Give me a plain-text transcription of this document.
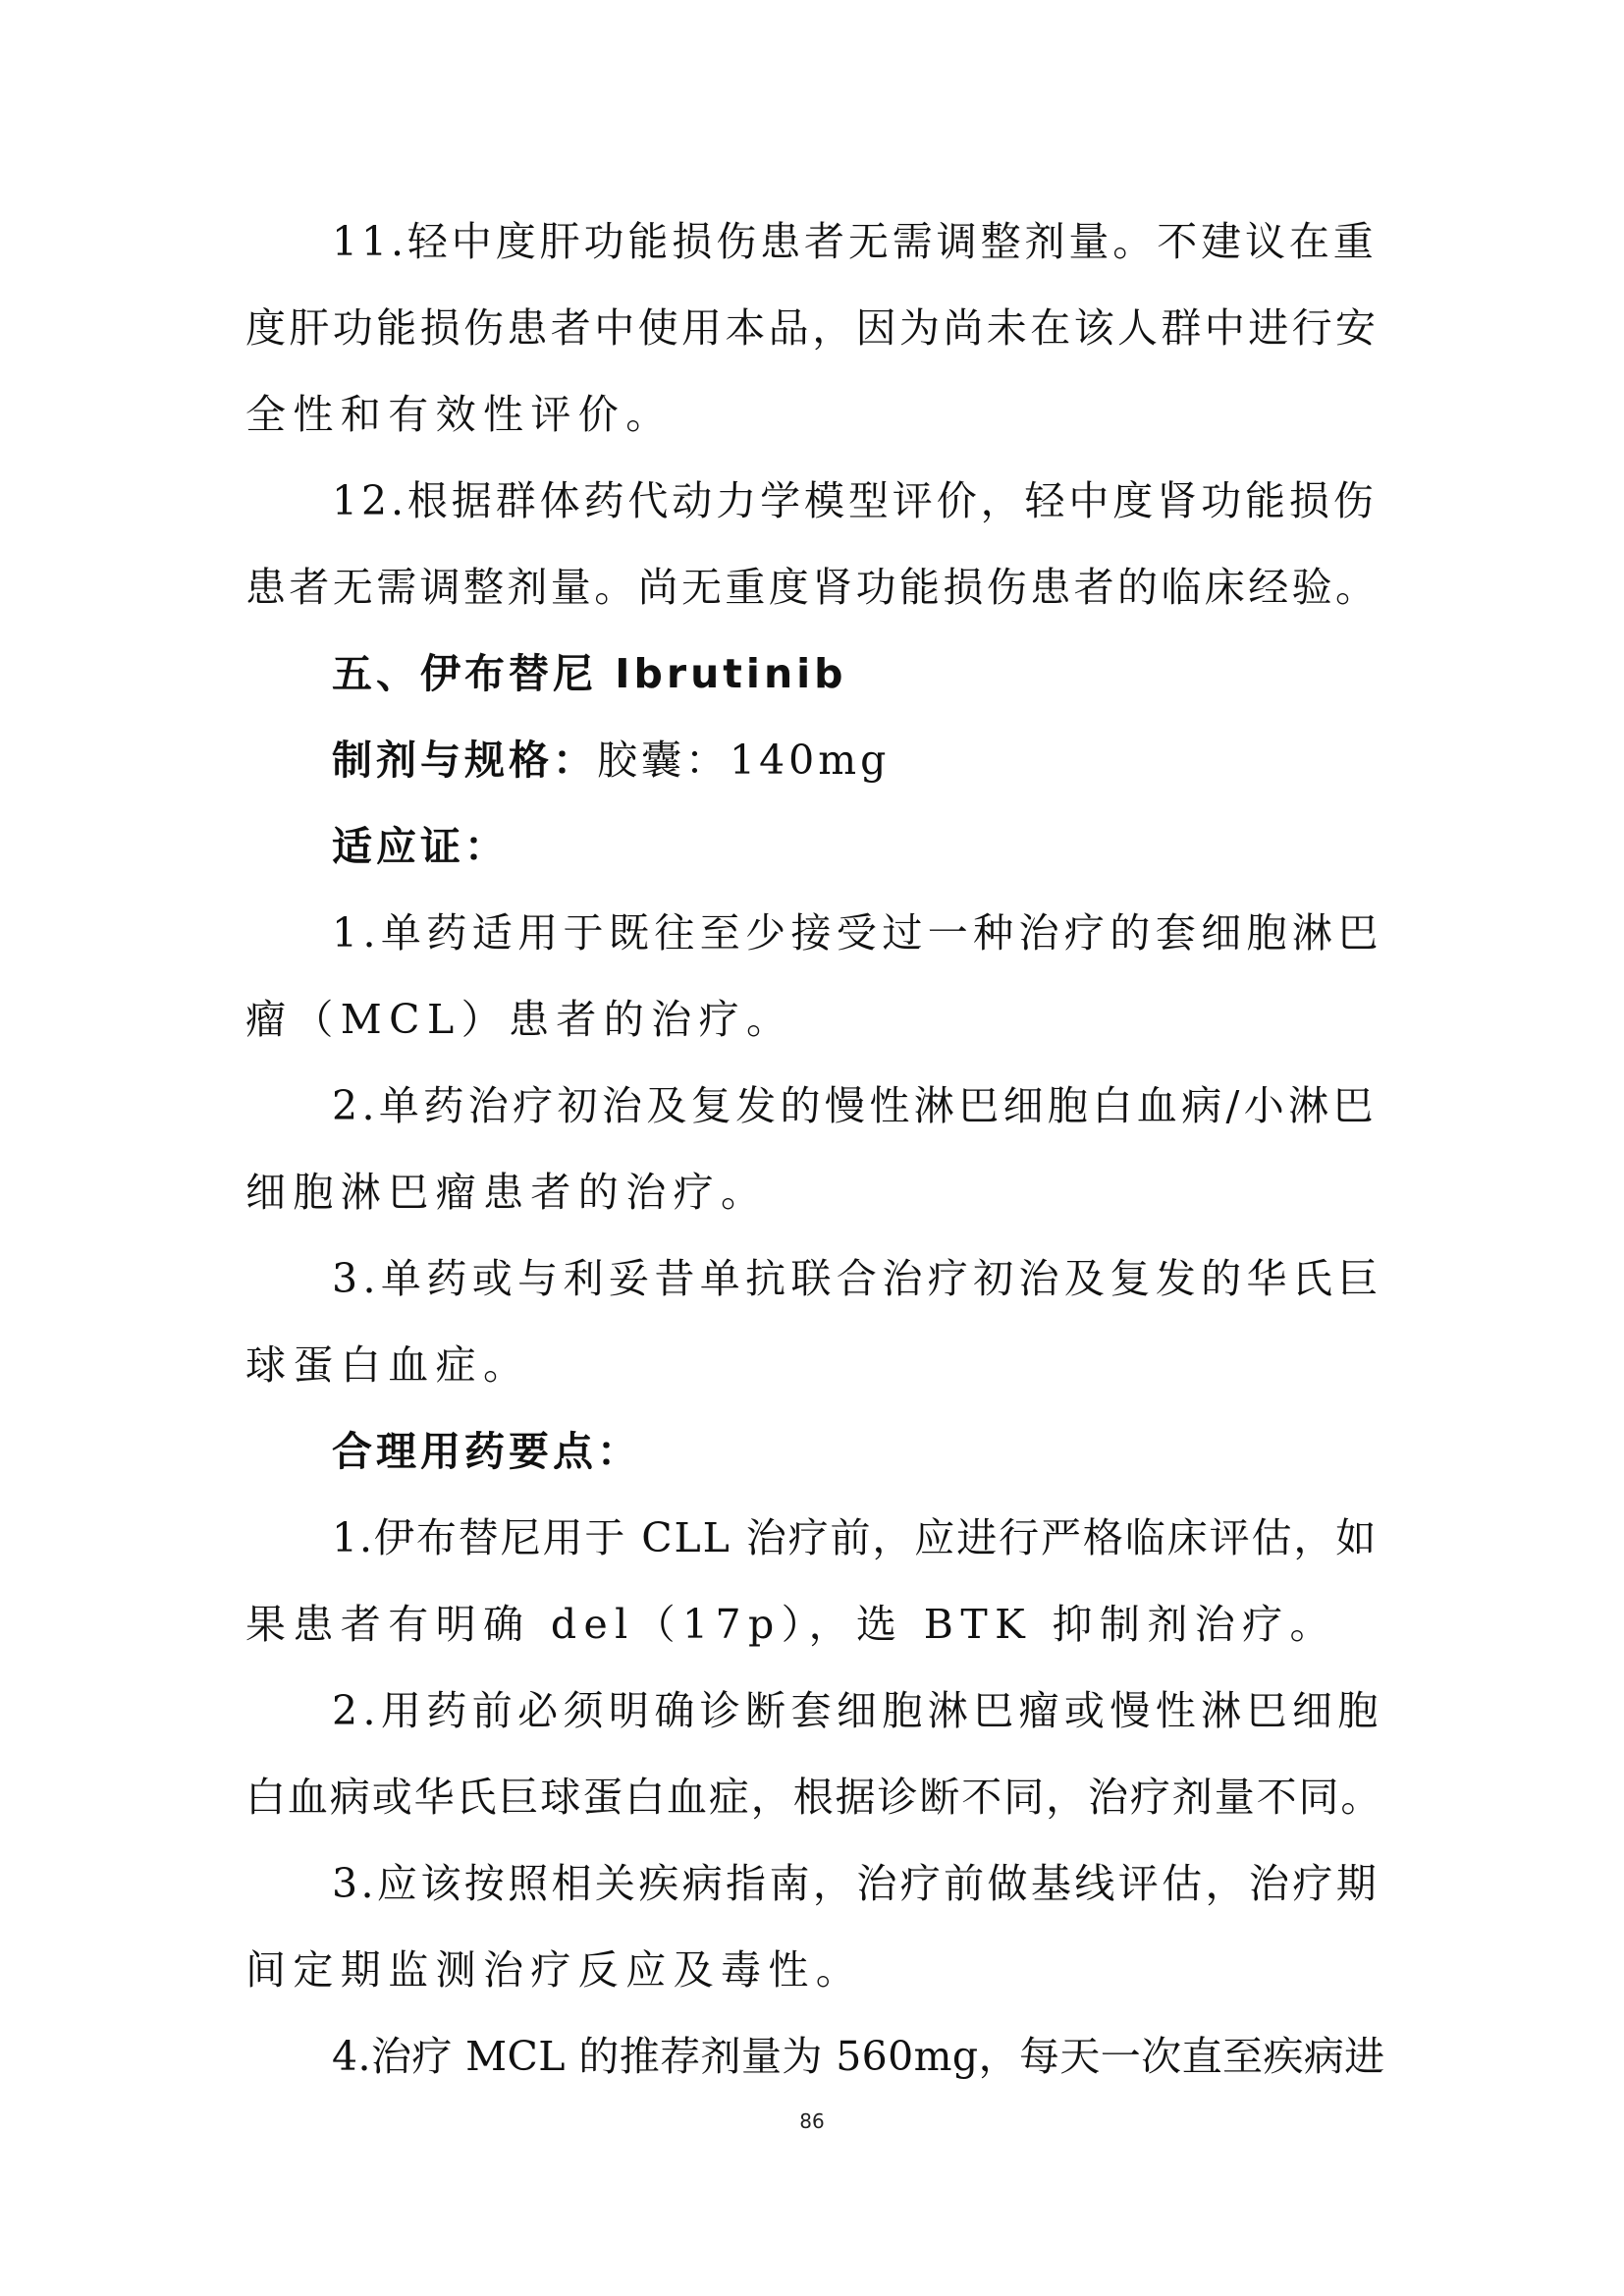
11.轻中度肝功能损伤患者无需调整剂量。不建议在重
度肝功能损伤患者中使用本品，因为尚未在该人群中进行安
全性和有效性评价。
12.根据群体药代动力学模型评价，轻中度肾功能损伤
患者无需调整剂量。尚无重度肾功能损伤患者的临床经验。
五、伊布替尼 Ibrutinib
制剂与规格：胶囊：140mg
适应证：
1.单药适用于既往至少接受过一种治疗的套细胞淋巴
瘤（MCL）患者的治疗。
2.单药治疗初治及复发的慢性淋巴细胞白血病/小淋巴
细胞淋巴瘤患者的治疗。
3.单药或与利妥昔单抗联合治疗初治及复发的华氏巨
球蛋白血症。
合理用药要点：
1.伊布替尼用于 CLL 治疗前，应进行严格临床评估，如
果患者有明确 del（17p），选 BTK 抑制剂治疗。
2.用药前必须明确诊断套细胞淋巴瘤或慢性淋巴细胞
白血病或华氏巨球蛋白血症，根据诊断不同，治疗剂量不同。
3.应该按照相关疾病指南，治疗前做基线评估，治疗期
间定期监测治疗反应及毒性。
4.治疗 MCL 的推荐剂量为 560mg，每天一次直至疾病进
86
